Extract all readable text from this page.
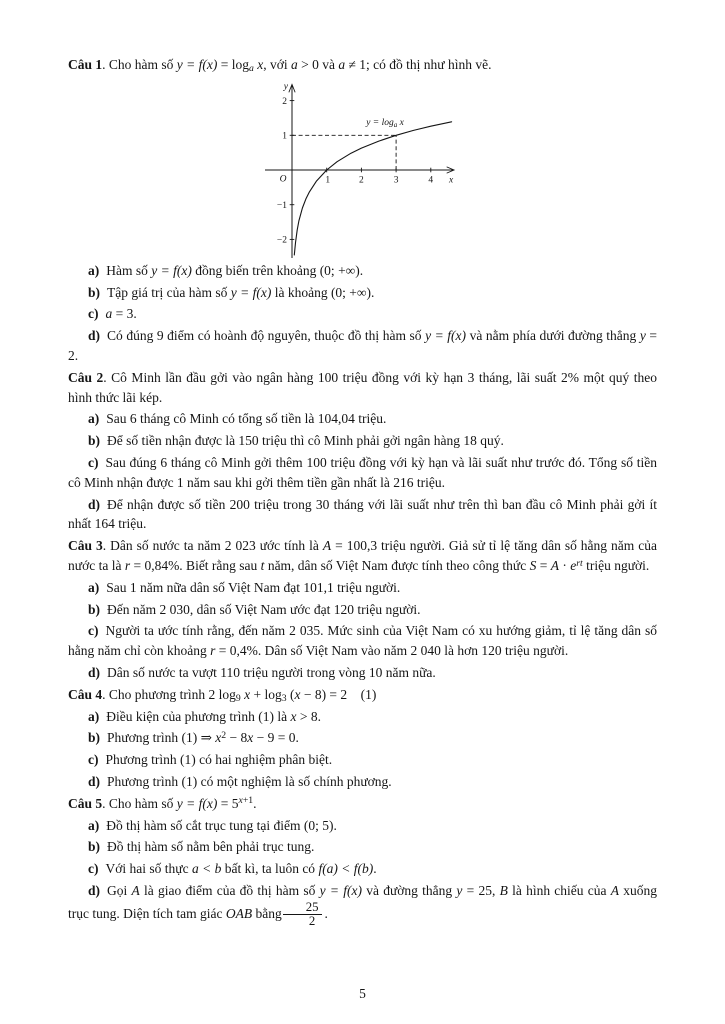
Câu 1. Cho hàm số $y = f(x) = \log_a x$, với a > 0 và a ≠ 1; có đồ thị như hình vẽ.

y
2
1
−1
−2
O	1	2	3	4 x
$y = \log_a x$

a) Hàm số y = f(x) đồng biến trên khoảng (0; +∞).

b) Tập giá trị của hàm số y = f(x) là khoảng (0; +∞).

c) a = 3.

d) Có đúng 9 điểm có hoành độ nguyên, thuộc đồ thị hàm số y = f(x) và nằm phía dưới đường thẳng y = 2.

Câu 2. Cô Minh lần đầu gởi vào ngân hàng 100 triệu đồng với kỳ hạn 3 tháng, lãi suất 2% một quý theo hình thức lãi kép.

a) Sau 6 tháng cô Minh có tổng số tiền là 104,04 triệu.

b) Để số tiền nhận được là 150 triệu thì cô Minh phải gởi ngân hàng 18 quý.

c) Sau đúng 6 tháng cô Minh gởi thêm 100 triệu đồng với kỳ hạn và lãi suất như trước đó. Tổng số tiền cô Minh nhận được 1 năm sau khi gởi thêm tiền gần nhất là 216 triệu.

d) Để nhận được số tiền 200 triệu trong 30 tháng với lãi suất như trên thì ban đầu cô Minh phải gởi ít nhất 164 triệu.

Câu 3. Dân số nước ta năm 2 023 ước tính là A = 100,3 triệu người. Giả sử tỉ lệ tăng dân số hằng năm của nước ta là r = 0,84%. Biết rằng sau t năm, dân số Việt Nam được tính theo công thức $S = A \cdot e^{rt}$ triệu người.

a) Sau 1 năm nữa dân số Việt Nam đạt 101,1 triệu người.

b) Đến năm 2 030, dân số Việt Nam ước đạt 120 triệu người.

c) Người ta ước tính rằng, đến năm 2 035. Mức sinh của Việt Nam có xu hướng giảm, tỉ lệ tăng dân số hằng năm chỉ còn khoảng r = 0,4%. Dân số Việt Nam vào năm 2 040 là hơn 120 triệu người.

d) Dân số nước ta vượt 110 triệu người trong vòng 10 năm nữa.

Câu 4. Cho phương trình 2 $\log_9 x + \log_3 (x - 8) = 2$ (1)

a) Điều kiện của phương trình (1) là x > 8.

b) Phương trình (1) ⇒ $x^2 - 8x - 9 = 0$.

c) Phương trình (1) có hai nghiệm phân biệt.

d) Phương trình (1) có một nghiệm là số chính phương.

Câu 5. Cho hàm số $y = f(x) = 5^{x+1}$.

a) Đồ thị hàm số cắt trục tung tại điểm (0; 5).

b) Đồ thị hàm số nằm bên phải trục tung.

c) Với hai số thực a < b bất kì, ta luôn có f(a) < f(b).

d) Gọi A là giao điểm của đồ thị hàm số y = f(x) và đường thẳng y = 25, B là hình chiếu của A xuống trục tung. Diện tích tam giác OAB bằng $\frac{25}{2}$ .

5
